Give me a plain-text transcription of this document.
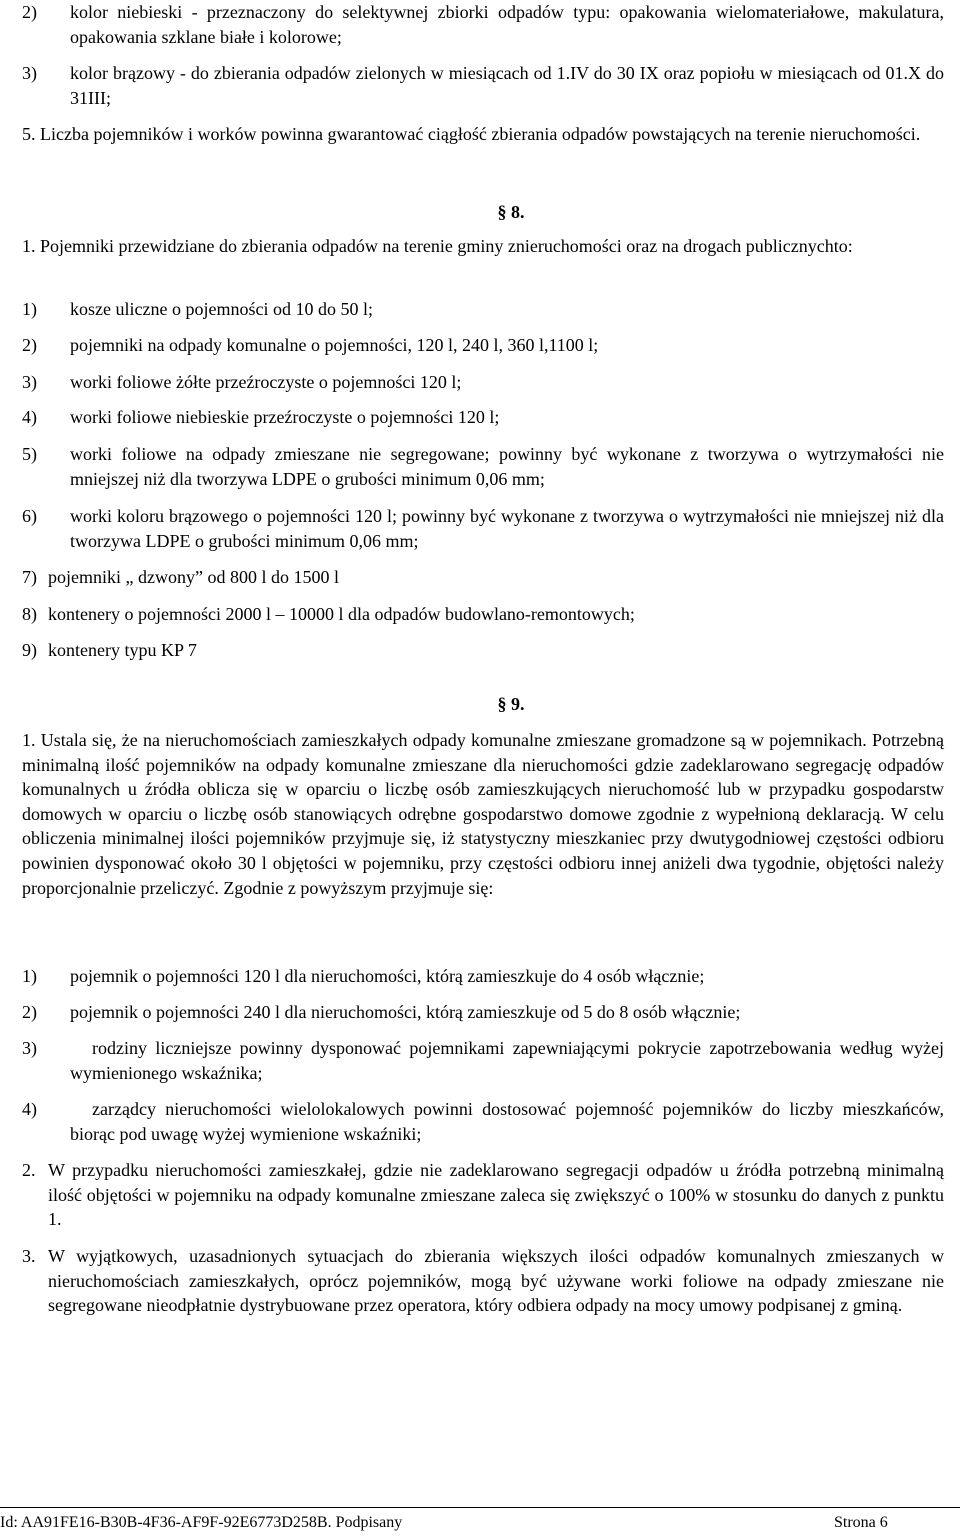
2)	kolor niebieski - przeznaczony do selektywnej zbiorki odpadów typu: opakowania wielomateriałowe, makulatura, opakowania szklane białe i kolorowe;
3)	kolor brązowy - do zbierania odpadów zielonych w miesiącach od 1.IV do 30 IX oraz popiołu w miesiącach od 01.X do 31III;

5. Liczba pojemników i worków powinna gwarantować ciągłość zbierania odpadów powstających na terenie nieruchomości.

§ 8.

1. Pojemniki przewidziane do zbierania odpadów na terenie gminy znieruchomości oraz na drogach publicznychto:

1)	kosze uliczne o pojemności od 10 do 50 l;
2)	pojemniki na odpady komunalne o pojemności, 120 l, 240 l, 360 l,1100 l;
3)	worki foliowe żółte przeźroczyste o pojemności 120 l;
4)	worki foliowe niebieskie przeźroczyste o pojemności 120 l;
5)	worki foliowe na odpady zmieszane nie segregowane; powinny być wykonane z tworzywa o wytrzymałości nie mniejszej niż dla tworzywa LDPE o grubości minimum 0,06 mm;
6)	worki koloru brązowego o pojemności 120 l; powinny być wykonane z tworzywa o wytrzymałości nie mniejszej niż dla tworzywa LDPE o grubości minimum 0,06 mm;
7) pojemniki „ dzwony” od 800 l do 1500 l
8) kontenery o pojemności 2000 l – 10000 l dla odpadów budowlano-remontowych;
9) kontenery typu KP 7
§ 9.

1. Ustala się, że na nieruchomościach zamieszkałych odpady komunalne zmieszane gromadzone są w pojemnikach. Potrzebną minimalną ilość pojemników na odpady komunalne zmieszane dla nieruchomości gdzie zadeklarowano segregację odpadów komunalnych u źródła oblicza się w oparciu o liczbę osób zamieszkujących nieruchomość lub w przypadku gospodarstw domowych w oparciu o liczbę osób stanowiących odrębne gospodarstwo domowe zgodnie z wypełnioną deklaracją. W celu obliczenia minimalnej ilości pojemników przyjmuje się, iż statystyczny mieszkaniec przy dwutygodniowej częstości odbioru powinien dysponować około 30 l objętości w pojemniku, przy częstości odbioru innej aniżeli dwa tygodnie, objętości należy proporcjonalnie przeliczyć. Zgodnie z powyższym przyjmuje się:

1)	pojemnik o pojemności 120 l dla nieruchomości, którą zamieszkuje do 4 osób włącznie;
2)	pojemnik o pojemności 240 l dla nieruchomości, którą zamieszkuje od 5 do 8 osób włącznie;
3)	rodziny liczniejsze powinny dysponować pojemnikami zapewniającymi pokrycie zapotrzebowania według wyżej wymienionego wskaźnika;
4)	zarządcy nieruchomości wielolokalowych powinni dostosować pojemność pojemników do liczby mieszkańców, biorąc pod uwagę wyżej wymienione wskaźniki;
2. W przypadku nieruchomości zamieszkałej, gdzie nie zadeklarowano segregacji odpadów u źródła potrzebną minimalną ilość objętości w pojemniku na odpady komunalne zmieszane zaleca się zwiększyć o 100% w stosunku do danych z punktu 1.
3. W wyjątkowych, uzasadnionych sytuacjach do zbierania większych ilości odpadów komunalnych zmieszanych w nieruchomościach zamieszkałych, oprócz pojemników, mogą być używane worki foliowe na odpady zmieszane nie segregowane nieodpłatnie dystrybuowane przez operatora, który odbiera odpady na mocy umowy podpisanej z gminą.
Id: AA91FE16-B30B-4F36-AF9F-92E6773D258B. Podpisany	Strona 6
